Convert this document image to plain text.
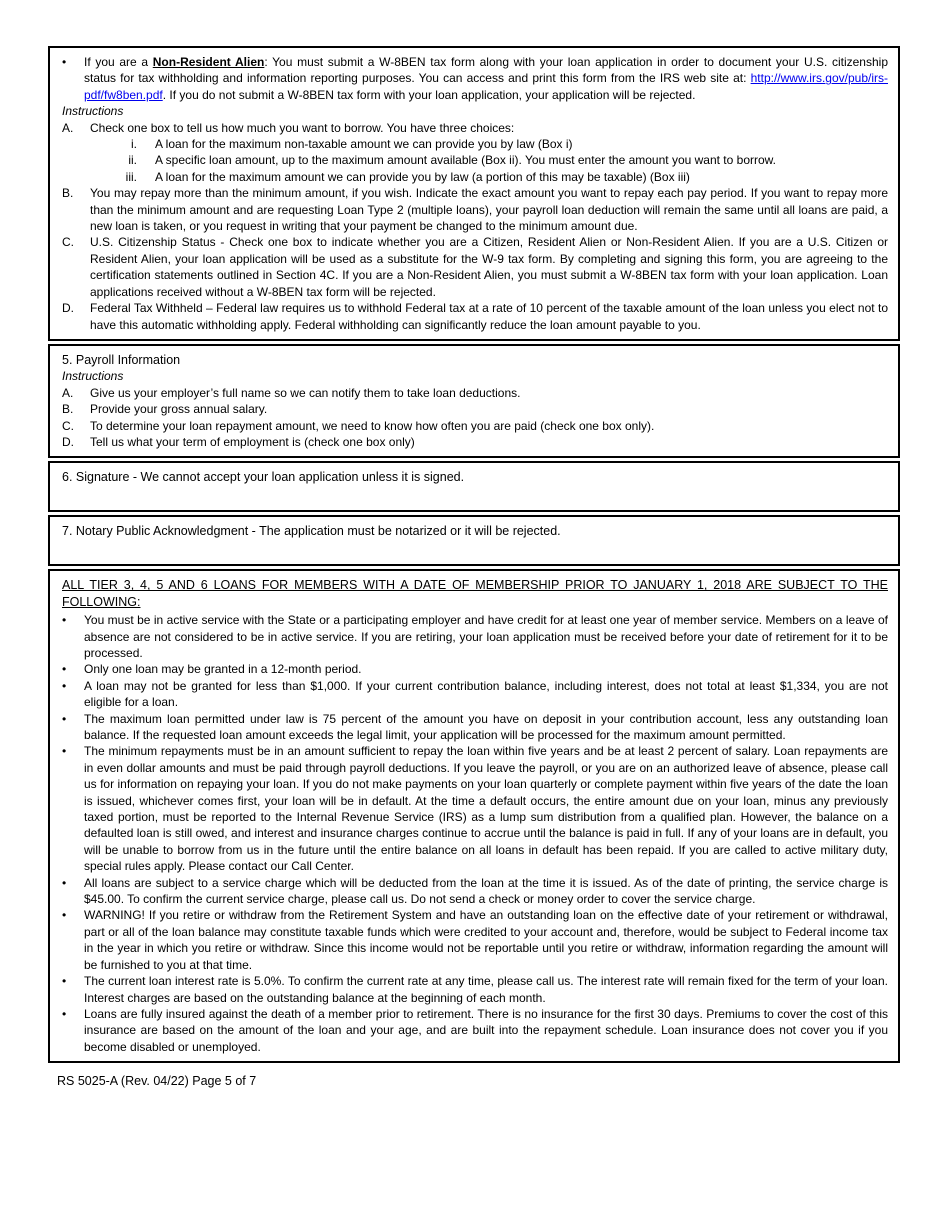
•	If you are a Non-Resident Alien: You must submit a W-8BEN tax form along with your loan application in order to document your U.S. citizenship status for tax withholding and information reporting purposes. You can access and print this form from the IRS web site at: http://www.irs.gov/pub/irs-pdf/fw8ben.pdf. If you do not submit a W-8BEN tax form with your loan application, your application will be rejected.
Instructions
A.	Check one box to tell us how much you want to borrow. You have three choices:
i.	A loan for the maximum non-taxable amount we can provide you by law (Box i)
ii.	A specific loan amount, up to the maximum amount available (Box ii). You must enter the amount you want to borrow.
iii.	A loan for the maximum amount we can provide you by law (a portion of this may be taxable) (Box iii)
B.	You may repay more than the minimum amount, if you wish. Indicate the exact amount you want to repay each pay period. If you want to repay more than the minimum amount and are requesting Loan Type 2 (multiple loans), your payroll loan deduction will remain the same until all loans are paid, a new loan is taken, or you request in writing that your payment be changed to the minimum amount due.
C.	U.S. Citizenship Status - Check one box to indicate whether you are a Citizen, Resident Alien or Non-Resident Alien. If you are a U.S. Citizen or Resident Alien, your loan application will be used as a substitute for the W-9 tax form. By completing and signing this form, you are agreeing to the certification statements outlined in Section 4C. If you are a Non-Resident Alien, you must submit a W-8BEN tax form with your loan application. Loan applications received without a W-8BEN tax form will be rejected.
D.	Federal Tax Withheld – Federal law requires us to withhold Federal tax at a rate of 10 percent of the taxable amount of the loan unless you elect not to have this automatic withholding apply. Federal withholding can significantly reduce the loan amount payable to you.
5. Payroll Information
Instructions
A.	Give us your employer’s full name so we can notify them to take loan deductions.
B.	Provide your gross annual salary.
C.	To determine your loan repayment amount, we need to know how often you are paid (check one box only).
D.	Tell us what your term of employment is (check one box only)
6. Signature - We cannot accept your loan application unless it is signed.
7. Notary Public Acknowledgment - The application must be notarized or it will be rejected.
ALL TIER 3, 4, 5 AND 6 LOANS FOR MEMBERS WITH A DATE OF MEMBERSHIP PRIOR TO JANUARY 1, 2018 ARE SUBJECT TO THE FOLLOWING:
•	You must be in active service with the State or a participating employer and have credit for at least one year of member service. Members on a leave of absence are not considered to be in active service. If you are retiring, your loan application must be received before your date of retirement for it to be processed.
•	Only one loan may be granted in a 12-month period.
•	A loan may not be granted for less than $1,000. If your current contribution balance, including interest, does not total at least $1,334, you are not eligible for a loan.
•	The maximum loan permitted under law is 75 percent of the amount you have on deposit in your contribution account, less any outstanding loan balance. If the requested loan amount exceeds the legal limit, your application will be processed for the maximum amount permitted.
•	The minimum repayments must be in an amount sufficient to repay the loan within five years and be at least 2 percent of salary. Loan repayments are in even dollar amounts and must be paid through payroll deductions. If you leave the payroll, or you are on an authorized leave of absence, please call us for information on repaying your loan. If you do not make payments on your loan quarterly or complete payment within five years of the date the loan is issued, whichever comes first, your loan will be in default. At the time a default occurs, the entire amount due on your loan, minus any previously taxed portion, must be reported to the Internal Revenue Service (IRS) as a lump sum distribution from a qualified plan. However, the balance on a defaulted loan is still owed, and interest and insurance charges continue to accrue until the balance is paid in full. If any of your loans are in default, you will be unable to borrow from us in the future until the entire balance on all loans in default has been repaid. If you are called to active military duty, special rules apply. Please contact our Call Center.
•	All loans are subject to a service charge which will be deducted from the loan at the time it is issued. As of the date of printing, the service charge is $45.00. To confirm the current service charge, please call us. Do not send a check or money order to cover the service charge.
•	WARNING! If you retire or withdraw from the Retirement System and have an outstanding loan on the effective date of your retirement or withdrawal, part or all of the loan balance may constitute taxable funds which were credited to your account and, therefore, would be subject to Federal income tax in the year in which you retire or withdraw. Since this income would not be reportable until you retire or withdraw, information regarding the amount will be furnished to you at that time.
•	The current loan interest rate is 5.0%. To confirm the current rate at any time, please call us. The interest rate will remain fixed for the term of your loan. Interest charges are based on the outstanding balance at the beginning of each month.
•	Loans are fully insured against the death of a member prior to retirement. There is no insurance for the first 30 days. Premiums to cover the cost of this insurance are based on the amount of the loan and your age, and are built into the repayment schedule. Loan insurance does not cover you if you become disabled or unemployed.
RS 5025-A (Rev. 04/22) Page 5 of 7
